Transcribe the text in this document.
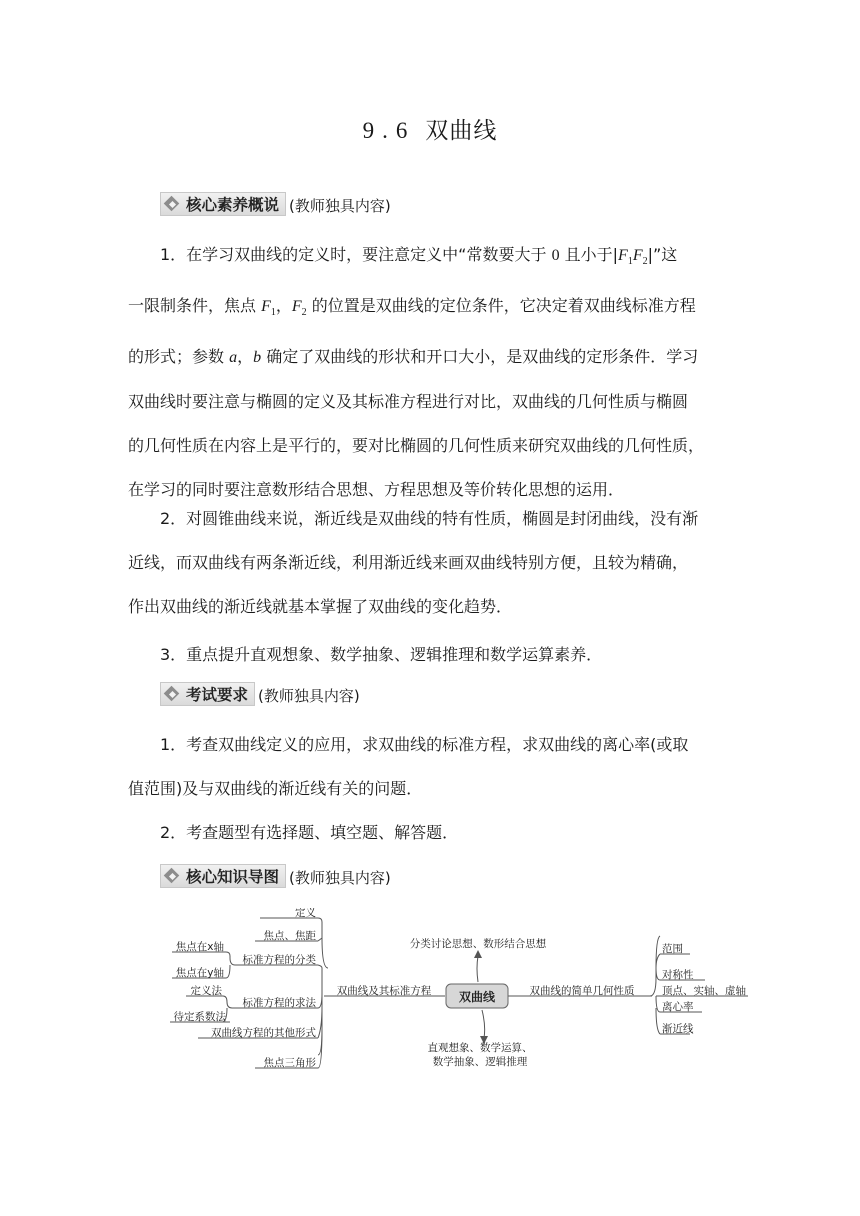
9.6 双曲线
核心素养概说 (教师独具内容)
1．在学习双曲线的定义时，要注意定义中“常数要大于 0 且小于$|F_1F_2|$”这
一限制条件，焦点 $F_1$，$F_2$ 的位置是双曲线的定位条件，它决定着双曲线标准方程
的形式；参数 a，b 确定了双曲线的形状和开口大小，是双曲线的定形条件．学习
双曲线时要注意与椭圆的定义及其标准方程进行对比，双曲线的几何性质与椭圆
的几何性质在内容上是平行的，要对比椭圆的几何性质来研究双曲线的几何性质，
在学习的同时要注意数形结合思想、方程思想及等价转化思想的运用．
2．对圆锥曲线来说，渐近线是双曲线的特有性质，椭圆是封闭曲线，没有渐
近线，而双曲线有两条渐近线，利用渐近线来画双曲线特别方便，且较为精确，
作出双曲线的渐近线就基本掌握了双曲线的变化趋势．
3．重点提升直观想象、数学抽象、逻辑推理和数学运算素养．
考试要求 (教师独具内容)
1．考查双曲线定义的应用，求双曲线的标准方程，求双曲线的离心率(或取
值范围)及与双曲线的渐近线有关的问题．
2．考查题型有选择题、填空题、解答题．
核心知识导图 (教师独具内容)
双曲线
分类讨论思想、数形结合思想
直观想象、数学运算、
数学抽象、逻辑推理
双曲线及其标准方程	双曲线的简单几何性质
定义
焦点、焦距
标准方程的分类
标准方程的求法
双曲线方程的其他形式
焦点三角形
焦点在x轴
焦点在y轴
定义法
待定系数法
范围
对称性
顶点、实轴、虚轴
离心率
渐近线
